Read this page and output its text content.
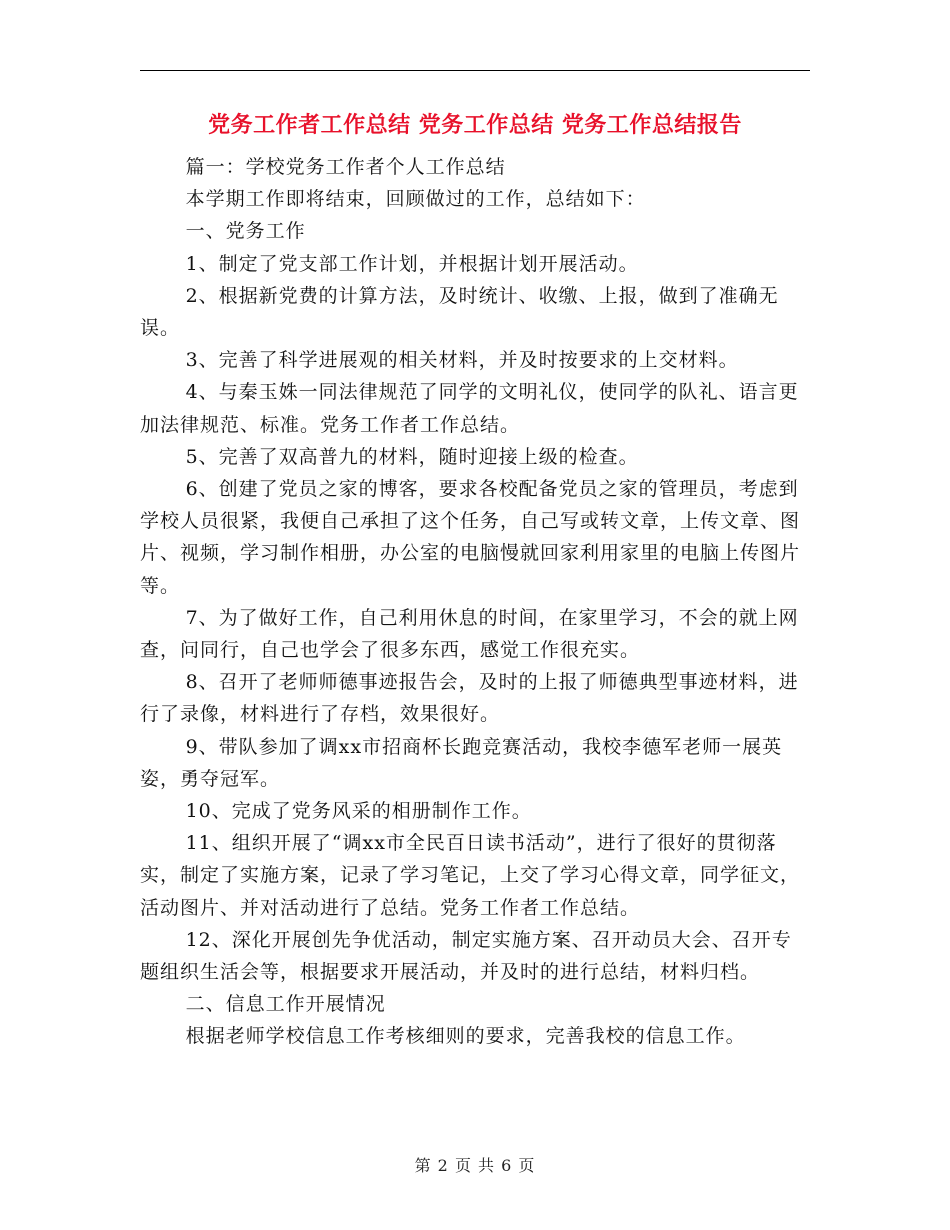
党务工作者工作总结 党务工作总结 党务工作总结报告

篇一：学校党务工作者个人工作总结

本学期工作即将结束，回顾做过的工作，总结如下：

一、党务工作

1、制定了党支部工作计划，并根据计划开展活动。

2、根据新党费的计算方法，及时统计、收缴、上报，做到了准确无误。

3、完善了科学进展观的相关材料，并及时按要求的上交材料。

4、与秦玉姝一同法律规范了同学的文明礼仪，使同学的队礼、语言更加法律规范、标准。党务工作者工作总结。

5、完善了双高普九的材料，随时迎接上级的检查。

6、创建了党员之家的博客，要求各校配备党员之家的管理员，考虑到学校人员很紧，我便自己承担了这个任务，自己写或转文章，上传文章、图片、视频，学习制作相册，办公室的电脑慢就回家利用家里的电脑上传图片等。

7、为了做好工作，自己利用休息的时间，在家里学习，不会的就上网查，问同行，自己也学会了很多东西，感觉工作很充实。

8、召开了老师师德事迹报告会，及时的上报了师德典型事迹材料，进行了录像，材料进行了存档，效果很好。

9、带队参加了调xx市招商杯长跑竞赛活动，我校李德军老师一展英姿，勇夺冠军。

10、完成了党务风采的相册制作工作。

11、组织开展了“调xx市全民百日读书活动”，进行了很好的贯彻落实，制定了实施方案，记录了学习笔记，上交了学习心得文章，同学征文，活动图片、并对活动进行了总结。党务工作者工作总结。

12、深化开展创先争优活动，制定实施方案、召开动员大会、召开专题组织生活会等，根据要求开展活动，并及时的进行总结，材料归档。

二、信息工作开展情况

根据老师学校信息工作考核细则的要求，完善我校的信息工作。

第 2 页 共 6 页
